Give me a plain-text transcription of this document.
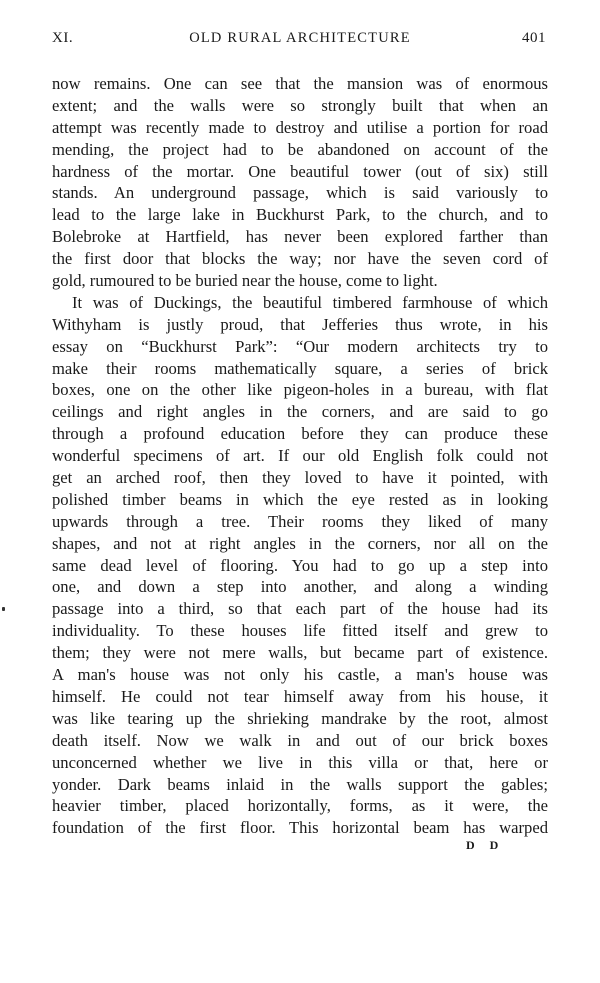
XI.	OLD RURAL ARCHITECTURE	401
now remains. One can see that the mansion was of enormous
extent; and the walls were so strongly built that when an
attempt was recently made to destroy and utilise a portion for road
mending, the project had to be abandoned on account of the
hardness of the mortar. One beautiful tower (out of six) still
stands. An underground passage, which is said variously to
lead to the large lake in Buckhurst Park, to the church, and to
Bolebroke at Hartfield, has never been explored farther than
the first door that blocks the way; nor have the seven cord of
gold, rumoured to be buried near the house, come to light.
It was of Duckings, the beautiful timbered farmhouse of which
Withyham is justly proud, that Jefferies thus wrote, in his
essay on “Buckhurst Park”: “Our modern architects try to
make their rooms mathematically square, a series of brick
boxes, one on the other like pigeon-holes in a bureau, with flat
ceilings and right angles in the corners, and are said to go
through a profound education before they can produce these
wonderful specimens of art. If our old English folk could not
get an arched roof, then they loved to have it pointed, with
polished timber beams in which the eye rested as in looking
upwards through a tree. Their rooms they liked of many
shapes, and not at right angles in the corners, nor all on the
same dead level of flooring. You had to go up a step into
one, and down a step into another, and along a winding
passage into a third, so that each part of the house had its
individuality. To these houses life fitted itself and grew to
them; they were not mere walls, but became part of existence.
A man's house was not only his castle, a man's house was
himself. He could not tear himself away from his house, it
was like tearing up the shrieking mandrake by the root, almost
death itself. Now we walk in and out of our brick boxes
unconcerned whether we live in this villa or that, here or
yonder. Dark beams inlaid in the walls support the gables;
heavier timber, placed horizontally, forms, as it were, the
foundation of the first floor. This horizontal beam has warped
D D
